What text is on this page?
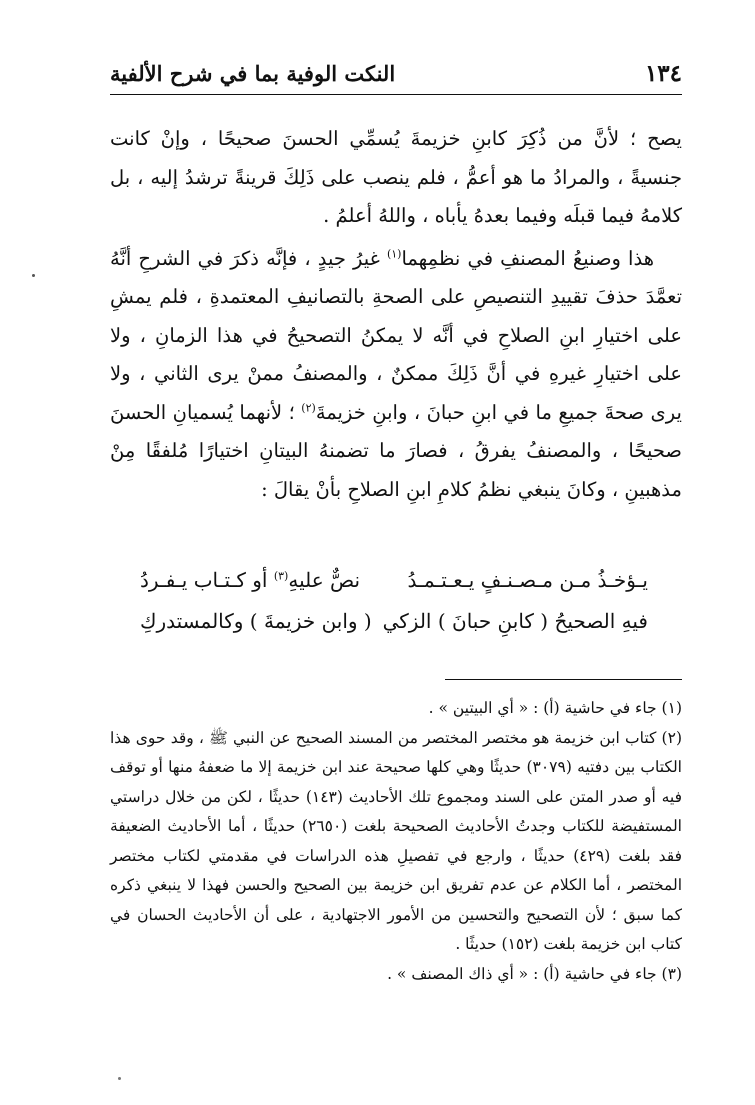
١٣٤
النكت الوفية بما في شرح الألفية

يصح ؛ لأنَّ من ذُكِرَ كابنِ خزيمةَ يُسمِّي الحسنَ صحيحًا ، وإنْ كانت جنسيةً ، والمرادُ ما هو أعمُّ ، فلم ينصب على ذَلِكَ قرينةً ترشدُ إليه ، بل كلامهُ فيما قبلَه وفيما بعدهُ يأباه ، واللهُ أعلمُ .

هذا وصنيعُ المصنفِ في نظمِهما$^{(١)}$ غيرُ جيدٍ ، فإنَّه ذكرَ في الشرحِ أنَّهُ تعمَّدَ حذفَ تقييدِ التنصيصِ على الصحةِ بالتصانيفِ المعتمدةِ ، فلم يمشِ على اختيارِ ابنِ الصلاحِ في أنَّه لا يمكنُ التصحيحُ في هذا الزمانِ ، ولا على اختيارِ غيرهِ في أنَّ ذَلِكَ ممكنٌ ، والمصنفُ ممنْ يرى الثاني ، ولا يرى صحةَ جميعِ ما في ابنِ حبانَ ، وابنِ خزيمةَ$^{(٢)}$ ؛ لأنهما يُسميانِ الحسنَ صحيحًا ، والمصنفُ يفرقُ ، فصارَ ما تضمنهُ البيتانِ اختيارًا مُلفقًا مِنْ مذهبينِ ، وكانَ ينبغي نظمُ كلامِ ابنِ الصلاحِ بأنْ يقالَ :

يـؤخـذُ مـن مـصـنـفٍ يـعـتـمـدُ
نصٌّ عليهِ$^{(٣)}$ أو كـتـاب يـفـردُ
فيهِ الصحيحُ ( كابنِ حبانَ ) الزكي
( وابن خزيمةَ ) وكالمستدركِ

(١) جاء في حاشية (أ) : « أي البيتين » .

(٢) كتاب ابن خزيمة هو مختصر المختصر من المسند الصحيح عن النبي ﷺ ، وقد حوى هذا الكتاب بين دفتيه (٣٠٧٩) حديثًا وهي كلها صحيحة عند ابن خزيمة إلا ما ضعفهُ منها أو توقف فيه أو صدر المتن على السند ومجموع تلك الأحاديث (١٤٣) حديثًا ، لكن من خلال دراستي المستفيضة للكتاب وجدتُ الأحاديث الصحيحة بلغت (٢٦٥٠) حديثًا ، أما الأحاديث الضعيفة فقد بلغت (٤٢٩) حديثًا ، وارجع في تفصيلِ هذه الدراسات في مقدمتي لكتاب مختصر المختصر ، أما الكلام عن عدم تفريق ابن خزيمة بين الصحيح والحسن فهذا لا ينبغي ذكره كما سبق ؛ لأن التصحيح والتحسين من الأمور الاجتهادية ، على أن الأحاديث الحسان في كتاب ابن خزيمة بلغت (١٥٢) حديثًا .

(٣) جاء في حاشية (أ) : « أي ذاك المصنف » .
